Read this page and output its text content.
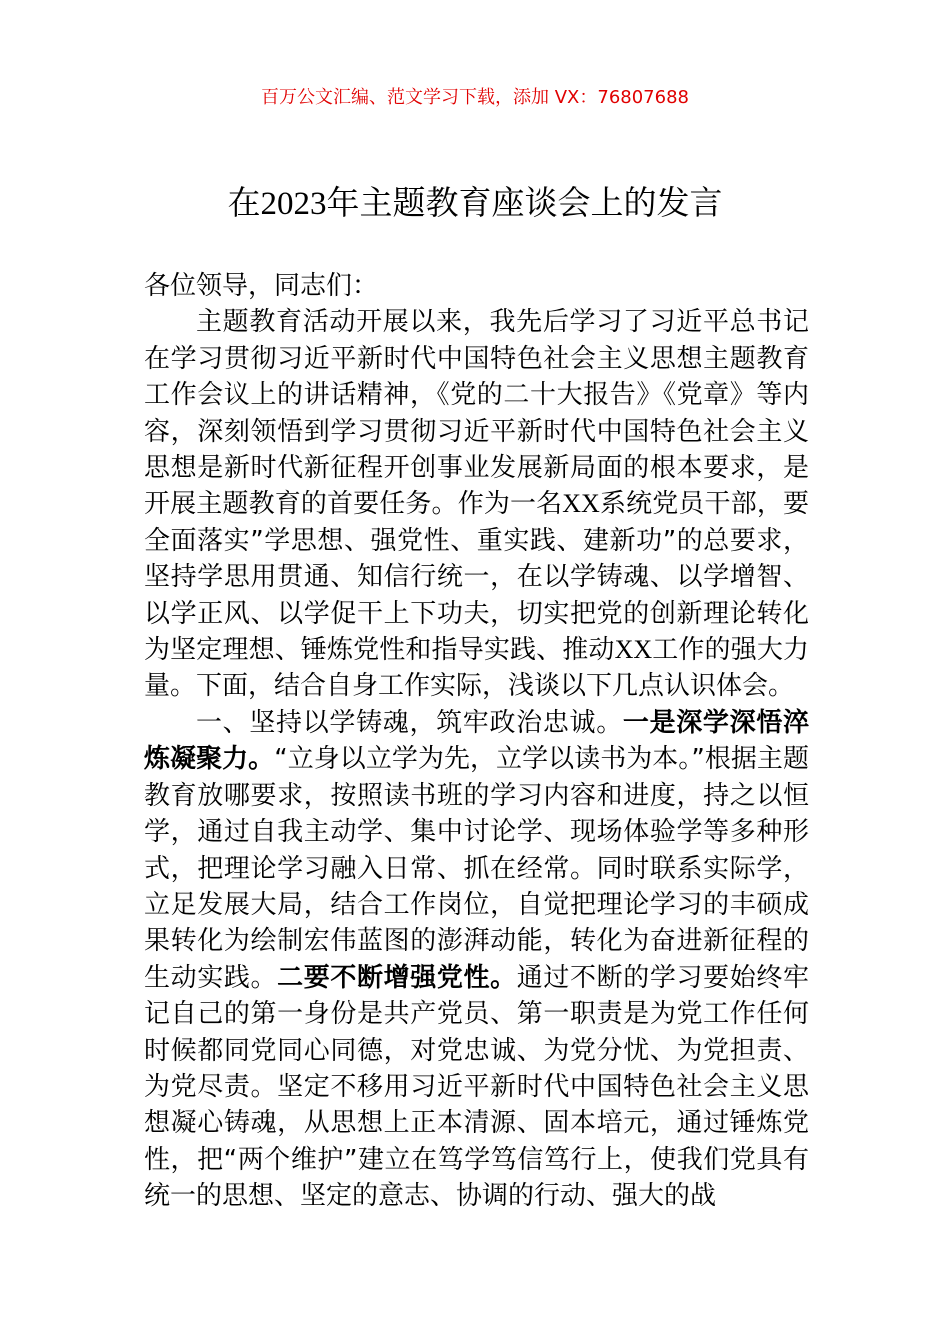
百万公文汇编、范文学习下载，添加 VX：76807688
在2023年主题教育座谈会上的发言

各位领导，同志们：

主题教育活动开展以来，我先后学习了习近平总书记在学习贯彻习近平新时代中国特色社会主义思想主题教育工作会议上的讲话精神，《党的二十大报告》《党章》等内容，深刻领悟到学习贯彻习近平新时代中国特色社会主义思想是新时代新征程开创事业发展新局面的根本要求，是开展主题教育的首要任务。作为一名XX系统党员干部，要全面落实”学思想、强党性、重实践、建新功”的总要求，坚持学思用贯通、知信行统一，在以学铸魂、以学增智、以学正风、以学促干上下功夫，切实把党的创新理论转化为坚定理想、锤炼党性和指导实践、推动XX工作的强大力量。下面，结合自身工作实际，浅谈以下几点认识体会。

一、坚持以学铸魂，筑牢政治忠诚。一是深学深悟淬炼凝聚力。“立身以立学为先，立学以读书为本。”根据主题教育放哪要求，按照读书班的学习内容和进度，持之以恒学，通过自我主动学、集中讨论学、现场体验学等多种形式，把理论学习融入日常、抓在经常。同时联系实际学，立足发展大局，结合工作岗位，自觉把理论学习的丰硕成果转化为绘制宏伟蓝图的澎湃动能，转化为奋进新征程的生动实践。二要不断增强党性。通过不断的学习要始终牢记自己的第一身份是共产党员、第一职责是为党工作任何时候都同党同心同德，对党忠诚、为党分忧、为党担责、为党尽责。坚定不移用习近平新时代中国特色社会主义思想凝心铸魂，从思想上正本清源、固本培元，通过锤炼党性，把“两个维护”建立在笃学笃信笃行上，使我们党具有统一的思想、坚定的意志、协调的行动、强大的战
